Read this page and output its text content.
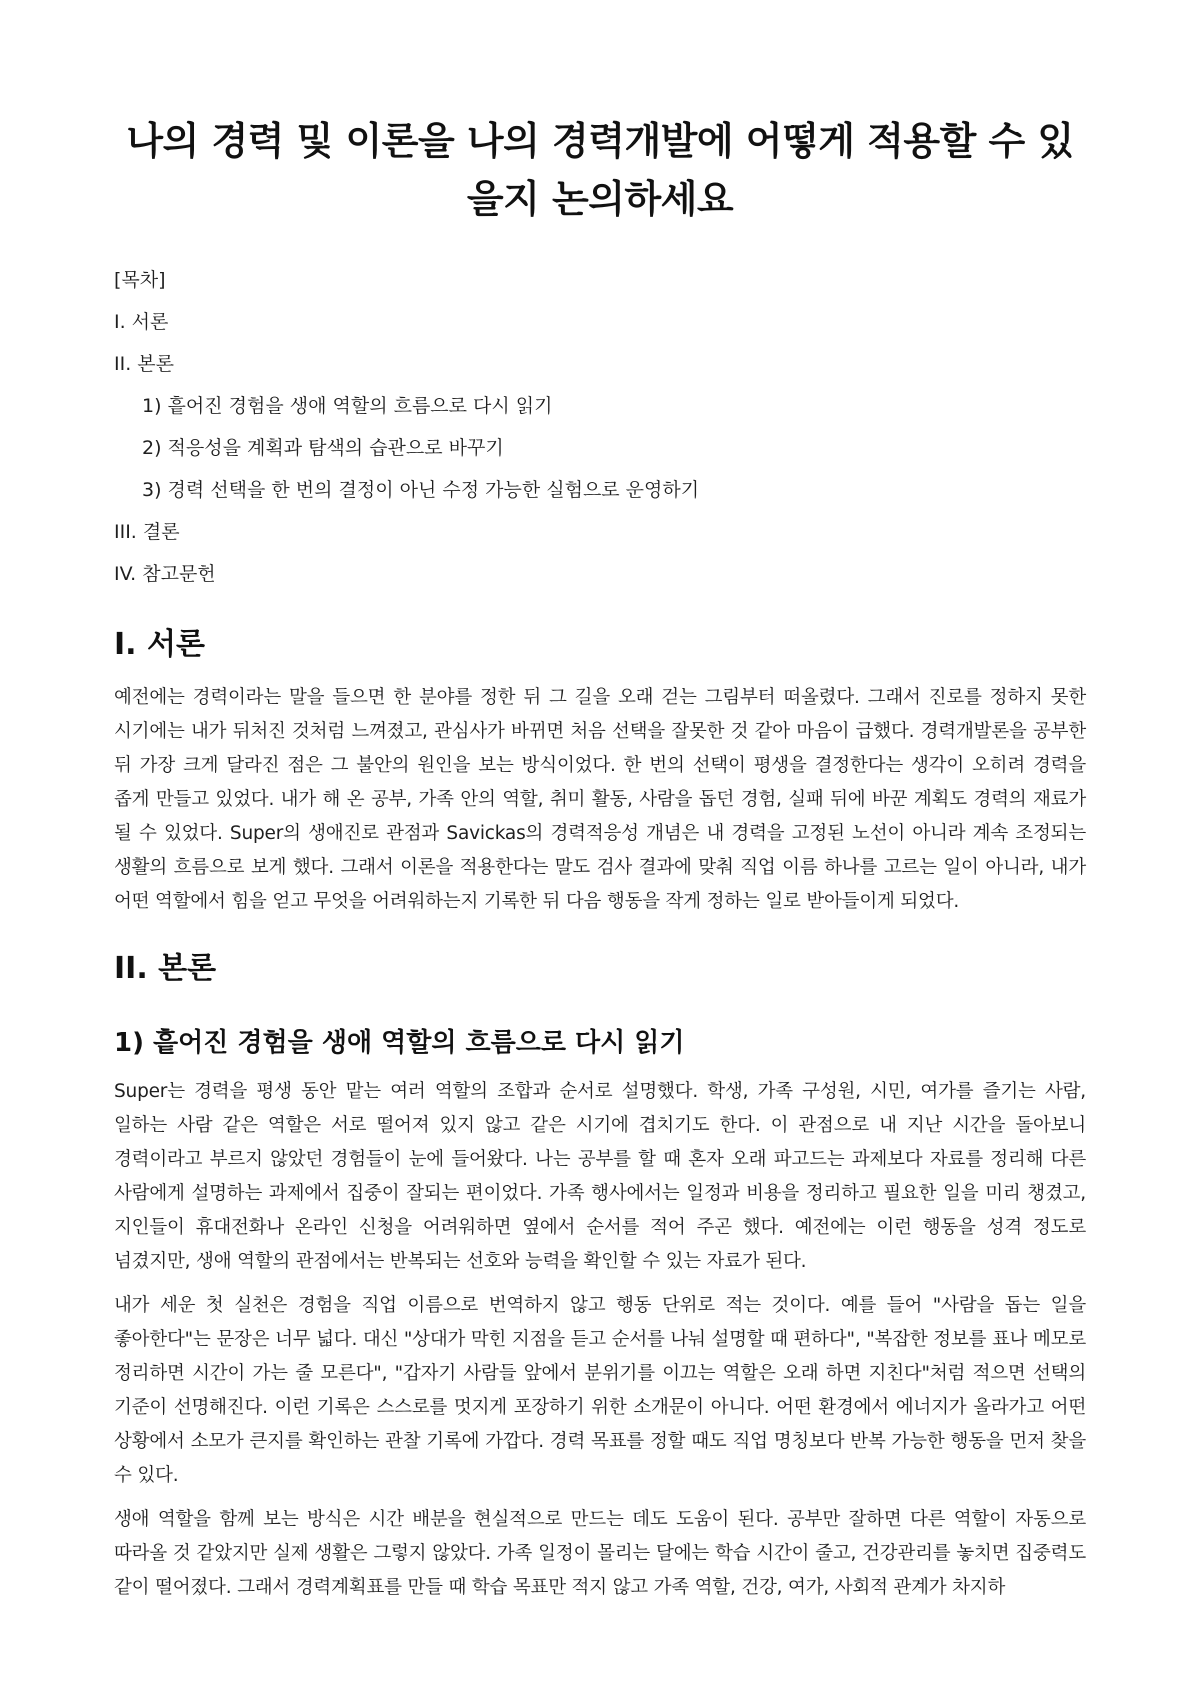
나의 경력 및 이론을 나의 경력개발에 어떻게 적용할 수 있을지 논의하세요
[목차]
I. 서론
II. 본론
1) 흩어진 경험을 생애 역할의 흐름으로 다시 읽기
2) 적응성을 계획과 탐색의 습관으로 바꾸기
3) 경력 선택을 한 번의 결정이 아닌 수정 가능한 실험으로 운영하기
III. 결론
IV. 참고문헌
I. 서론

예전에는 경력이라는 말을 들으면 한 분야를 정한 뒤 그 길을 오래 걷는 그림부터 떠올렸다. 그래서 진로를 정하지 못한 시기에는 내가 뒤처진 것처럼 느껴졌고, 관심사가 바뀌면 처음 선택을 잘못한 것 같아 마음이 급했다. 경력개발론을 공부한 뒤 가장 크게 달라진 점은 그 불안의 원인을 보는 방식이었다. 한 번의 선택이 평생을 결정한다는 생각이 오히려 경력을 좁게 만들고 있었다. 내가 해 온 공부, 가족 안의 역할, 취미 활동, 사람을 돕던 경험, 실패 뒤에 바꾼 계획도 경력의 재료가 될 수 있었다. Super의 생애진로 관점과 Savickas의 경력적응성 개념은 내 경력을 고정된 노선이 아니라 계속 조정되는 생활의 흐름으로 보게 했다. 그래서 이론을 적용한다는 말도 검사 결과에 맞춰 직업 이름 하나를 고르는 일이 아니라, 내가 어떤 역할에서 힘을 얻고 무엇을 어려워하는지 기록한 뒤 다음 행동을 작게 정하는 일로 받아들이게 되었다.

II. 본론
1) 흩어진 경험을 생애 역할의 흐름으로 다시 읽기

Super는 경력을 평생 동안 맡는 여러 역할의 조합과 순서로 설명했다. 학생, 가족 구성원, 시민, 여가를 즐기는 사람, 일하는 사람 같은 역할은 서로 떨어져 있지 않고 같은 시기에 겹치기도 한다. 이 관점으로 내 지난 시간을 돌아보니 경력이라고 부르지 않았던 경험들이 눈에 들어왔다. 나는 공부를 할 때 혼자 오래 파고드는 과제보다 자료를 정리해 다른 사람에게 설명하는 과제에서 집중이 잘되는 편이었다. 가족 행사에서는 일정과 비용을 정리하고 필요한 일을 미리 챙겼고, 지인들이 휴대전화나 온라인 신청을 어려워하면 옆에서 순서를 적어 주곤 했다. 예전에는 이런 행동을 성격 정도로 넘겼지만, 생애 역할의 관점에서는 반복되는 선호와 능력을 확인할 수 있는 자료가 된다.

내가 세운 첫 실천은 경험을 직업 이름으로 번역하지 않고 행동 단위로 적는 것이다. 예를 들어 "사람을 돕는 일을 좋아한다"는 문장은 너무 넓다. 대신 "상대가 막힌 지점을 듣고 순서를 나눠 설명할 때 편하다", "복잡한 정보를 표나 메모로 정리하면 시간이 가는 줄 모른다", "갑자기 사람들 앞에서 분위기를 이끄는 역할은 오래 하면 지친다"처럼 적으면 선택의 기준이 선명해진다. 이런 기록은 스스로를 멋지게 포장하기 위한 소개문이 아니다. 어떤 환경에서 에너지가 올라가고 어떤 상황에서 소모가 큰지를 확인하는 관찰 기록에 가깝다. 경력 목표를 정할 때도 직업 명칭보다 반복 가능한 행동을 먼저 찾을 수 있다.

생애 역할을 함께 보는 방식은 시간 배분을 현실적으로 만드는 데도 도움이 된다. 공부만 잘하면 다른 역할이 자동으로 따라올 것 같았지만 실제 생활은 그렇지 않았다. 가족 일정이 몰리는 달에는 학습 시간이 줄고, 건강관리를 놓치면 집중력도 같이 떨어졌다. 그래서 경력계획표를 만들 때 학습 목표만 적지 않고 가족 역할, 건강, 여가, 사회적 관계가 차지하
